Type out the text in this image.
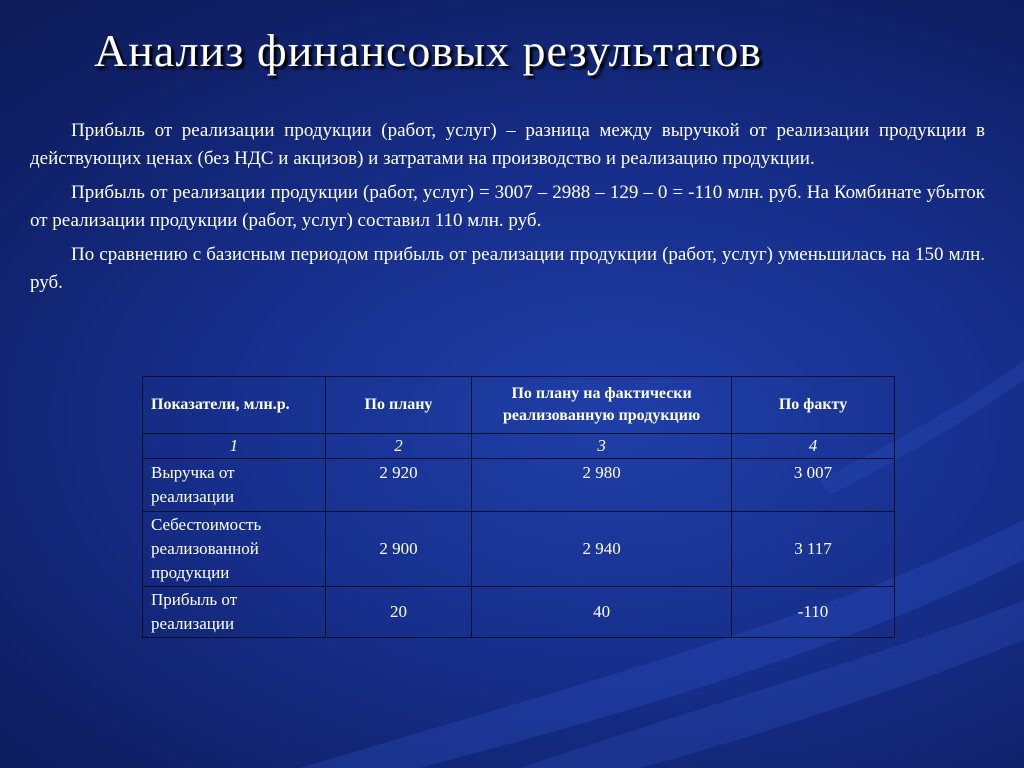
Анализ финансовых результатов

Прибыль от реализации продукции (работ, услуг) – разница между выручкой от реализации продукции в действующих ценах (без НДС и акцизов) и затратами на производство и реализацию продукции.

Прибыль от реализации продукции (работ, услуг) = 3007 – 2988 – 129 – 0 = -110 млн. руб. На Комбинате убыток от реализации продукции (работ, услуг) составил 110 млн. руб.

По сравнению с базисным периодом прибыль от реализации продукции (работ, услуг) уменьшилась на 150 млн. руб.

Показатели, млн.р.	По плану	По плану на фактически реализованную продукцию	По факту
1	2	3	4
Выручка от реализации	2 920	2 980	3 007
Себестоимость реализованной продукции	2 900	2 940	3 117
Прибыль от реализации	20	40	-110
